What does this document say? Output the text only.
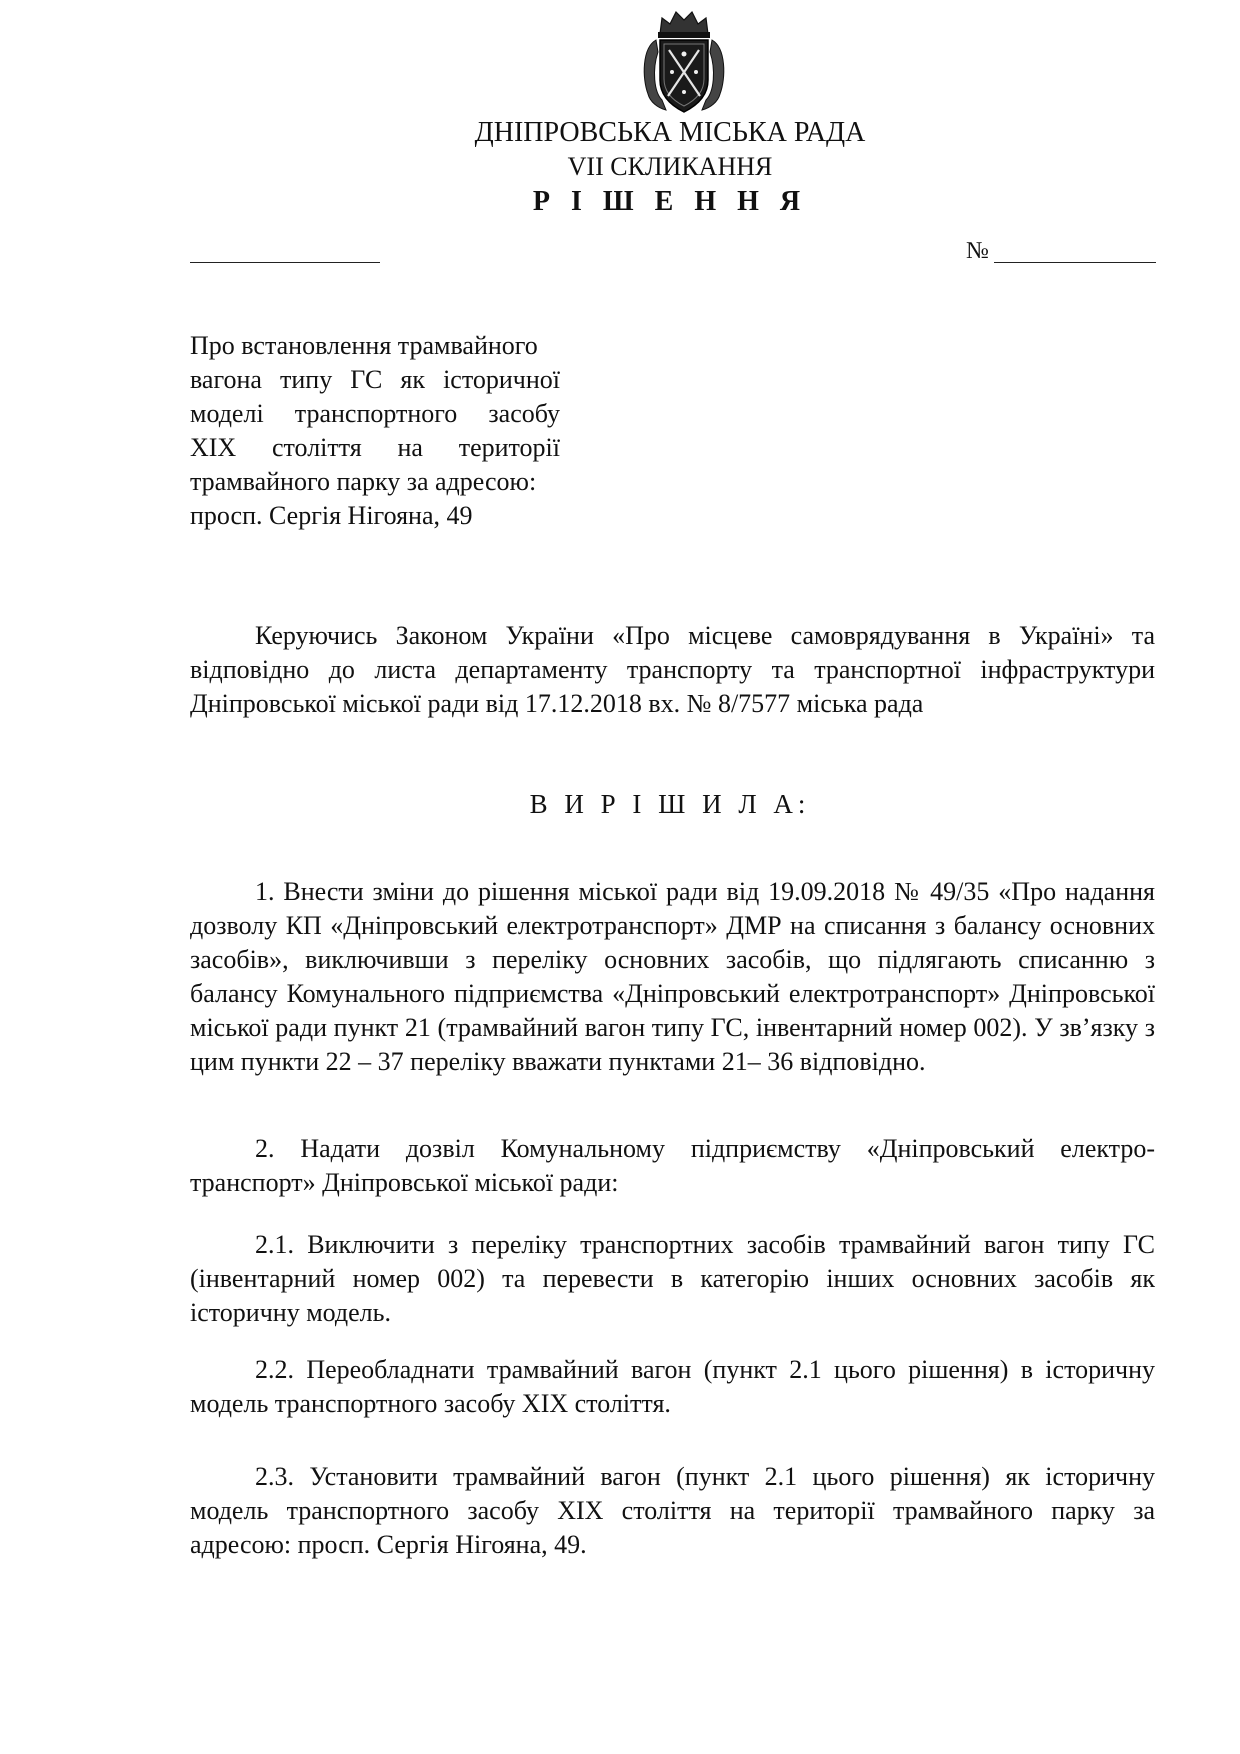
ДНІПРОВСЬКА МІСЬКА РАДА
VII СКЛИКАННЯ
Р І Ш Е Н Н Я
№
Про встановлення трамвайного
вагона типу ГС як історичної
моделі транспортного засобу
XIX століття на території
трамвайного парку за адресою:
просп. Сергія Нігояна, 49
Керуючись Законом України «Про місцеве самоврядування в Україні» та відповідно до листа департаменту транспорту та транспортної інфраструктури Дніпровської міської ради від 17.12.2018 вх. № 8/7577 міська рада
В И Р І Ш И Л А:
1. Внести зміни до рішення міської ради від 19.09.2018 № 49/35 «Про надання дозволу КП «Дніпровський електротранспорт» ДМР на списання з балансу основних засобів», виключивши з переліку основних засобів, що підлягають списанню з балансу Комунального підприємства «Дніпровський електротранспорт» Дніпровської міської ради пункт 21 (трамвайний вагон типу ГС, інвентарний номер 002). У зв’язку з цим пункти 22 – 37 переліку вважати пунктами 21– 36 відповідно.
2. Надати дозвіл Комунальному підприємству «Дніпровський електро-транспорт» Дніпровської міської ради:
2.1. Виключити з переліку транспортних засобів трамвайний вагон типу ГС (інвентарний номер 002) та перевести в категорію інших основних засобів як історичну модель.
2.2. Переобладнати трамвайний вагон (пункт 2.1 цього рішення) в історичну модель транспортного засобу XIX століття.
2.3. Установити трамвайний вагон (пункт 2.1 цього рішення) як історичну модель транспортного засобу XIX століття на території трамвайного парку за адресою: просп. Сергія Нігояна, 49.
